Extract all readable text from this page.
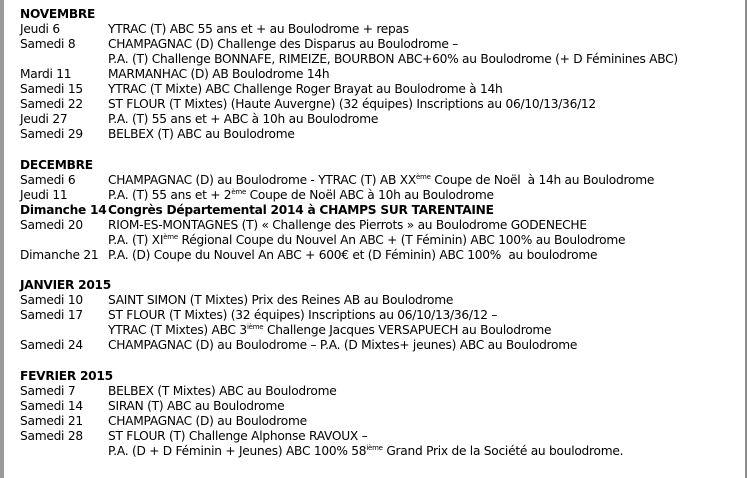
NOVEMBRE
Jeudi 6	YTRAC (T) ABC 55 ans et + au Boulodrome + repas
Samedi 8	CHAMPAGNAC (D) Challenge des Disparus au Boulodrome –
P.A. (T) Challenge BONNAFE, RIMEIZE, BOURBON ABC+60% au Boulodrome (+ D Féminines ABC)
Mardi 11	MARMANHAC (D) AB Boulodrome 14h
Samedi 15	YTRAC (T Mixte) ABC Challenge Roger Brayat au Boulodrome à 14h
Samedi 22	ST FLOUR (T Mixtes) (Haute Auvergne) (32 équipes) Inscriptions au 06/10/13/36/12
Jeudi 27	P.A. (T) 55 ans et + ABC à 10h au Boulodrome
Samedi 29	BELBEX (T) ABC au Boulodrome
DECEMBRE
Samedi 6	CHAMPAGNAC (D) au Boulodrome - YTRAC (T) AB XXème Coupe de Noël  à 14h au Boulodrome
Jeudi 11	P.A. (T) 55 ans et + 2ème Coupe de Noël ABC à 10h au Boulodrome
Dimanche 14 Congrès Départemental 2014 à CHAMPS SUR TARENTAINE
Samedi 20	RIOM-ES-MONTAGNES (T) « Challenge des Pierrots » au Boulodrome GODENECHE
P.A. (T) XIème Régional Coupe du Nouvel An ABC + (T Féminin) ABC 100% au Boulodrome
Dimanche 21 P.A. (D) Coupe du Nouvel An ABC + 600€ et (D Féminin) ABC 100%  au boulodrome
JANVIER 2015
Samedi 10	SAINT SIMON (T Mixtes) Prix des Reines AB au Boulodrome
Samedi 17	ST FLOUR (T Mixtes) (32 équipes) Inscriptions au 06/10/13/36/12 –
YTRAC (T Mixtes) ABC 3ième Challenge Jacques VERSAPUECH au Boulodrome
Samedi 24	CHAMPAGNAC (D) au Boulodrome – P.A. (D Mixtes+ jeunes) ABC au Boulodrome
FEVRIER 2015
Samedi 7	BELBEX (T Mixtes) ABC au Boulodrome
Samedi 14	SIRAN (T) ABC au Boulodrome
Samedi 21	CHAMPAGNAC (D) au Boulodrome
Samedi 28	ST FLOUR (T) Challenge Alphonse RAVOUX –
P.A. (D + D Féminin + Jeunes) ABC 100% 58ième Grand Prix de la Société au boulodrome.
